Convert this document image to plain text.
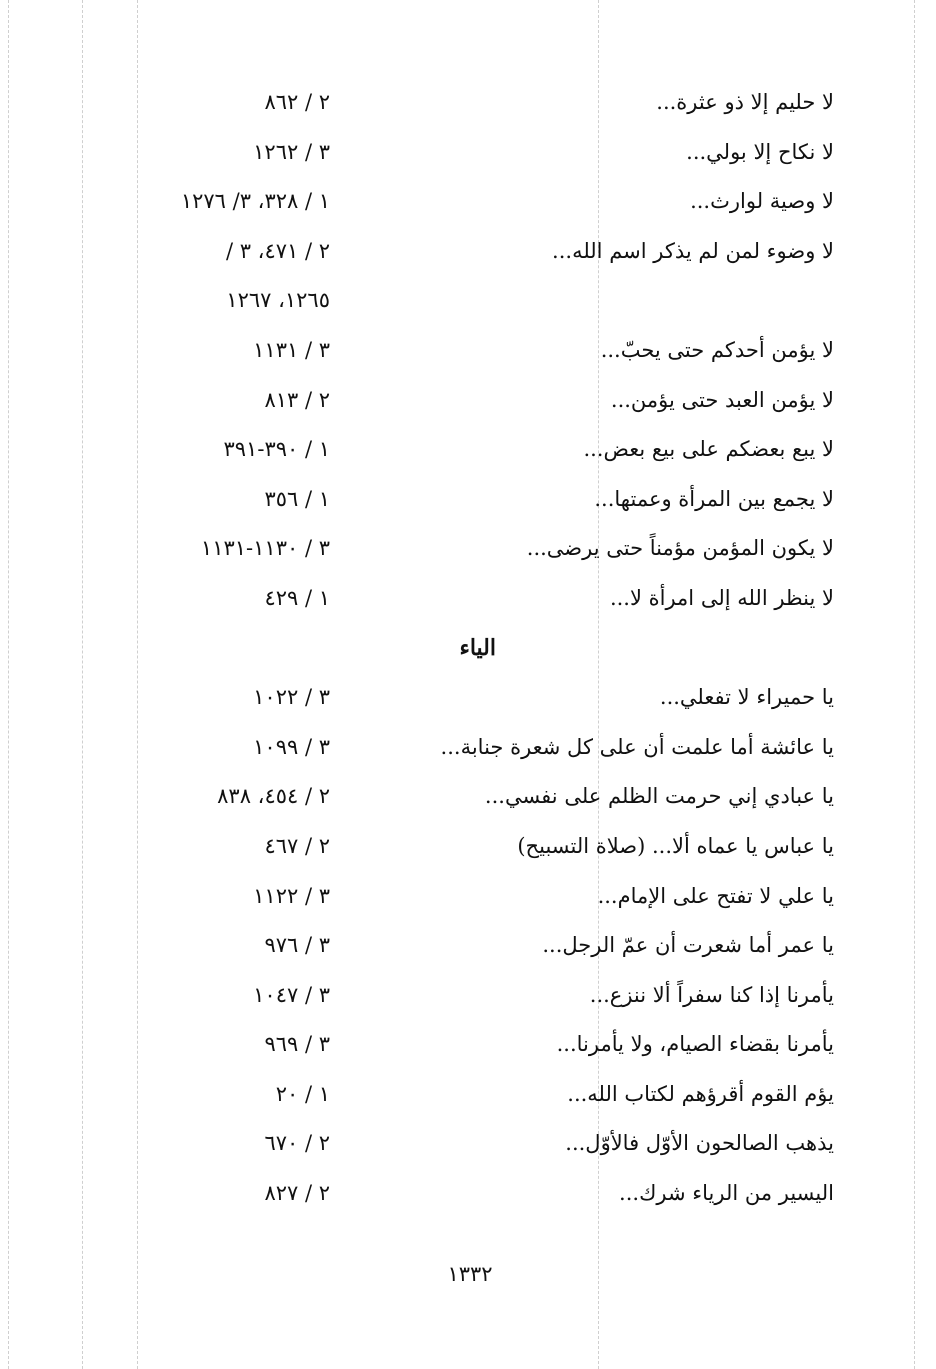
لا حليم إلا ذو عثرة...
٢ / ٨٦٢
لا نكاح إلا بولي...
٣ / ١٢٦٢
لا وصية لوارث...
١ / ٣٢٨، ٣/ ١٢٧٦
لا وضوء لمن لم يذكر اسم الله...
٢ / ٤٧١، ٣ /
١٢٦٥، ١٢٦٧
لا يؤمن أحدكم حتى يحبّ...
٣ / ١١٣١
لا يؤمن العبد حتى يؤمن...
٢ / ٨١٣
لا يبع بعضكم على بيع بعض...
١ / ٣٩٠-٣٩١
لا يجمع بين المرأة وعمتها...
١ / ٣٥٦
لا يكون المؤمن مؤمناً حتى يرضى...
٣ / ١١٣٠-١١٣١
لا ينظر الله إلى امرأة لا...
١ / ٤٢٩
الياء
يا حميراء لا تفعلي...
٣ / ١٠٢٢
يا عائشة أما علمت أن على كل شعرة جنابة...
٣ / ١٠٩٩
يا عبادي إني حرمت الظلم على نفسي...
٢ / ٤٥٤، ٨٣٨
يا عباس يا عماه ألا... (صلاة التسبيح)
٢ / ٤٦٧
يا علي لا تفتح على الإمام...
٣ / ١١٢٢
يا عمر أما شعرت أن عمّ الرجل...
٣ / ٩٧٦
يأمرنا إذا كنا سفراً ألا ننزع...
٣ / ١٠٤٧
يأمرنا بقضاء الصيام، ولا يأمرنا...
٣ / ٩٦٩
يؤم القوم أقرؤهم لكتاب الله...
١ / ٢٠
يذهب الصالحون الأوّل فالأوّل...
٢ / ٦٧٠
اليسير من الرياء شرك...
٢ / ٨٢٧
١٣٣٢
